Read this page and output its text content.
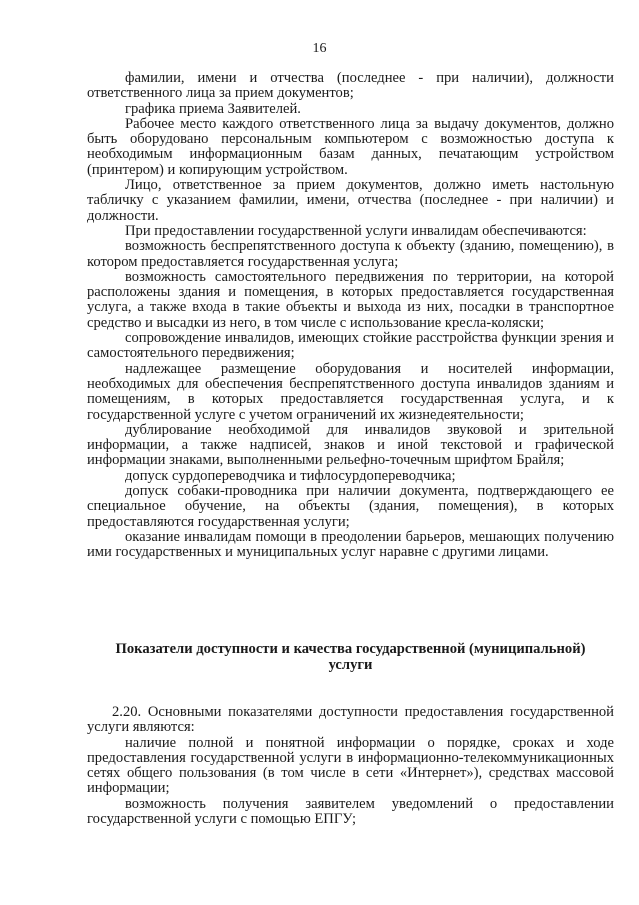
16

фамилии, имени и отчества (последнее - при наличии), должности ответственного лица за прием документов;

графика приема Заявителей.

Рабочее место каждого ответственного лица за выдачу документов, должно быть оборудовано персональным компьютером с возможностью доступа к необходимым информационным базам данных, печатающим устройством (принтером) и копирующим устройством.

Лицо, ответственное за прием документов, должно иметь настольную табличку с указанием фамилии, имени, отчества (последнее - при наличии) и должности.

При предоставлении государственной услуги инвалидам обеспечиваются:

возможность беспрепятственного доступа к объекту (зданию, помещению), в котором предоставляется государственная услуга;

возможность самостоятельного передвижения по территории, на которой расположены здания и помещения, в которых предоставляется государственная услуга, а также входа в такие объекты и выхода из них, посадки в транспортное средство и высадки из него, в том числе с использование кресла-коляски;

сопровождение инвалидов, имеющих стойкие расстройства функции зрения и самостоятельного передвижения;

надлежащее размещение оборудования и носителей информации, необходимых для обеспечения беспрепятственного доступа инвалидов зданиям и помещениям, в которых предоставляется государственная услуга, и к государственной услуге с учетом ограничений их жизнедеятельности;

дублирование необходимой для инвалидов звуковой и зрительной информации, а также надписей, знаков и иной текстовой и графической информации знаками, выполненными рельефно-точечным шрифтом Брайля;

допуск сурдопереводчика и тифлосурдопереводчика;

допуск собаки-проводника при наличии документа, подтверждающего ее специальное обучение, на объекты (здания, помещения), в которых предоставляются государственная услуги;

оказание инвалидам помощи в преодолении барьеров, мешающих получению ими государственных и муниципальных услуг наравне с другими лицами.

Показатели доступности и качества государственной (муниципальной)
услуги

2.20. Основными показателями доступности предоставления государственной услуги являются:

наличие полной и понятной информации о порядке, сроках и ходе предоставления государственной услуги в информационно-телекоммуникационных сетях общего пользования (в том числе в сети «Интернет»), средствах массовой информации;

возможность получения заявителем уведомлений о предоставлении государственной услуги с помощью ЕПГУ;
